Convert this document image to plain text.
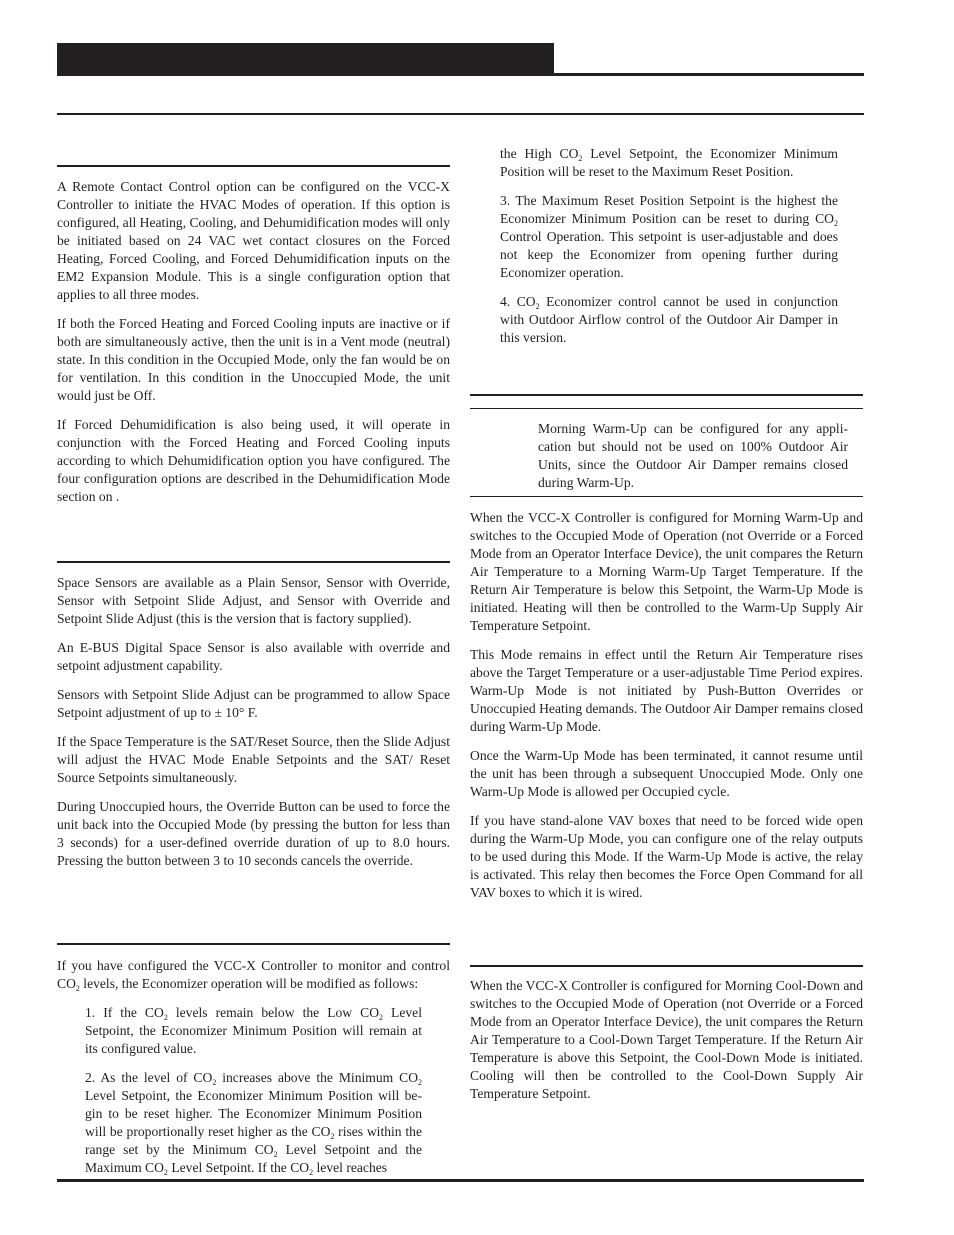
A Remote Contact Control option can be configured on the VCC-X Controller to initiate the HVAC Modes of operation. If this option is configured, all Heating, Cooling, and Dehumidification modes will only be initiated based on 24 VAC wet contact closures on the Forced Heating, Forced Cooling, and Forced Dehumidification inputs on the EM2 Expansion Module. This is a single configuration option that applies to all three modes.

If both the Forced Heating and Forced Cooling inputs are inactive or if both are simultaneously active, then the unit is in a Vent mode (neutral) state. In this condition in the Occupied Mode, only the fan would be on for ventilation. In this condition in the Unoccupied Mode, the unit would just be Off.

If Forced Dehumidification is also being used, it will operate in conjunction with the Forced Heating and Forced Cooling inputs according to which Dehumidification option you have configured. The four configuration options are described in the Dehumidification Mode section on .

Space Sensors are available as a Plain Sensor, Sensor with Override, Sensor with Setpoint Slide Adjust, and Sensor with Override and Setpoint Slide Adjust (this is the version that is factory supplied).

An E-BUS Digital Space Sensor is also available with override and setpoint adjustment capability.

Sensors with Setpoint Slide Adjust can be programmed to allow Space Setpoint adjustment of up to ± 10° F.

If the Space Temperature is the SAT/Reset Source, then the Slide Adjust will adjust the HVAC Mode Enable Setpoints and the SAT/ Reset Source Setpoints simultaneously.

During Unoccupied hours, the Override Button can be used to force the unit back into the Occupied Mode (by pressing the button for less than 3 seconds) for a user-defined override duration of up to 8.0 hours. Pressing the button between 3 to 10 seconds cancels the override.

If you have configured the VCC-X Controller to monitor and control $CO_2$ levels, the Economizer operation will be modified as follows:

1. If the $CO_2$ levels remain below the Low $CO_2$ Level Setpoint, the Economizer Minimum Position will remain at its configured value.

2. As the level of $CO_2$ increases above the Minimum $CO_2$ Level Setpoint, the Economizer Minimum Position will be-gin to be reset higher. The Economizer Minimum Position will be proportionally reset higher as the $CO_2$ rises within the range set by the Minimum $CO_2$ Level Setpoint and the Maximum $CO_2$ Level Setpoint. If the $CO_2$ level reaches

the High $CO_2$ Level Setpoint, the Economizer Minimum Position will be reset to the Maximum Reset Position.

3. The Maximum Reset Position Setpoint is the highest the Economizer Minimum Position can be reset to during $CO_2$ Control Operation. This setpoint is user-adjustable and does not keep the Economizer from opening further during Economizer operation.

4. $CO_2$ Economizer control cannot be used in conjunction with Outdoor Airflow control of the Outdoor Air Damper in this version.

Morning Warm-Up can be configured for any appli-cation but should not be used on 100% Outdoor Air Units, since the Outdoor Air Damper remains closed during Warm-Up.

When the VCC-X Controller is configured for Morning Warm-Up and switches to the Occupied Mode of Operation (not Override or a Forced Mode from an Operator Interface Device), the unit compares the Return Air Temperature to a Morning Warm-Up Target Temperature. If the Return Air Temperature is below this Setpoint, the Warm-Up Mode is initiated. Heating will then be controlled to the Warm-Up Supply Air Temperature Setpoint.

This Mode remains in effect until the Return Air Temperature rises above the Target Temperature or a user-adjustable Time Period expires. Warm-Up Mode is not initiated by Push-Button Overrides or Unoccupied Heating demands. The Outdoor Air Damper remains closed during Warm-Up Mode.

Once the Warm-Up Mode has been terminated, it cannot resume until the unit has been through a subsequent Unoccupied Mode. Only one Warm-Up Mode is allowed per Occupied cycle.

If you have stand-alone VAV boxes that need to be forced wide open during the Warm-Up Mode, you can configure one of the relay outputs to be used during this Mode. If the Warm-Up Mode is active, the relay is activated. This relay then becomes the Force Open Command for all VAV boxes to which it is wired.

When the VCC-X Controller is configured for Morning Cool-Down and switches to the Occupied Mode of Operation (not Override or a Forced Mode from an Operator Interface Device), the unit compares the Return Air Temperature to a Cool-Down Target Temperature. If the Return Air Temperature is above this Setpoint, the Cool-Down Mode is initiated. Cooling will then be controlled to the Cool-Down Supply Air Temperature Setpoint.
